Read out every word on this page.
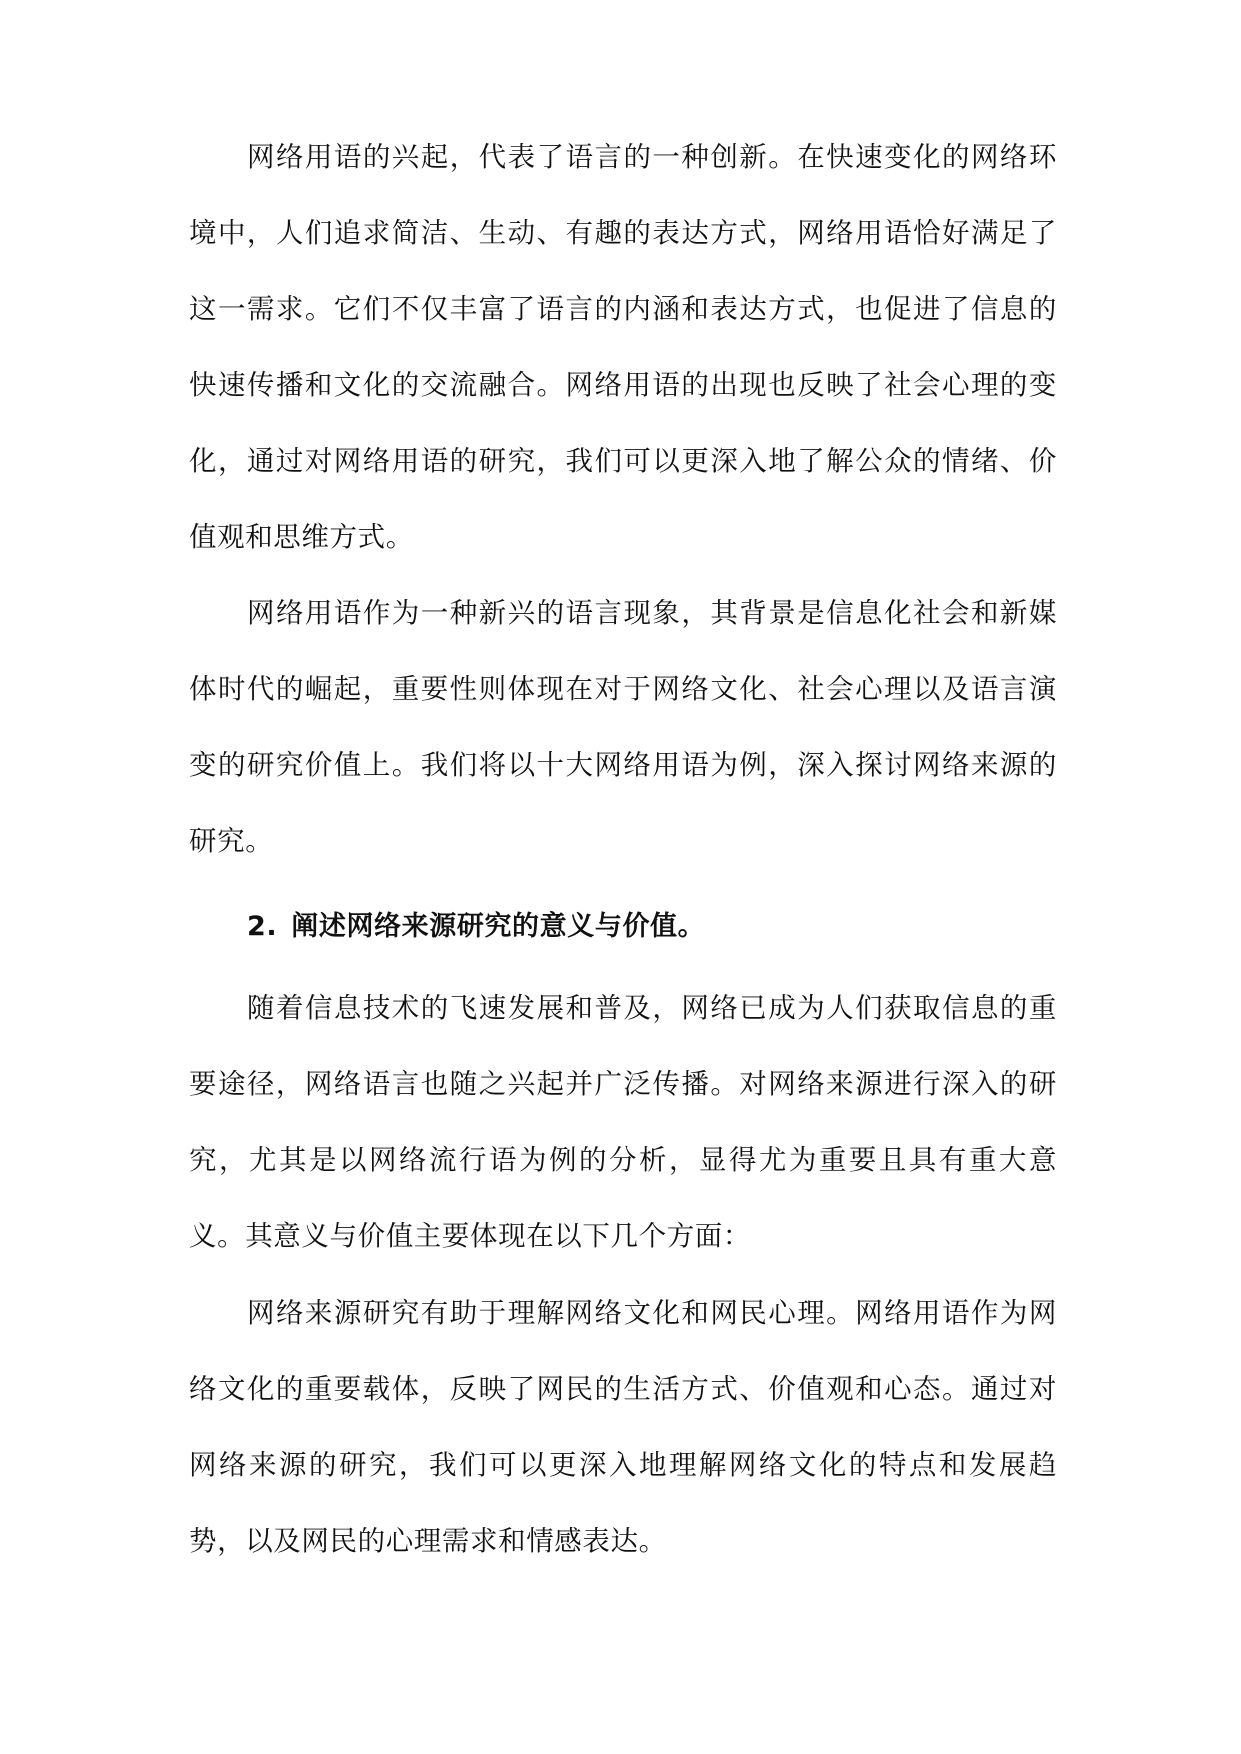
网络用语的兴起，代表了语言的一种创新。在快速变化的网络环境中，人们追求简洁、生动、有趣的表达方式，网络用语恰好满足了这一需求。它们不仅丰富了语言的内涵和表达方式，也促进了信息的快速传播和文化的交流融合。网络用语的出现也反映了社会心理的变化，通过对网络用语的研究，我们可以更深入地了解公众的情绪、价值观和思维方式。

网络用语作为一种新兴的语言现象，其背景是信息化社会和新媒体时代的崛起，重要性则体现在对于网络文化、社会心理以及语言演变的研究价值上。我们将以十大网络用语为例，深入探讨网络来源的研究。

2. 阐述网络来源研究的意义与价值。

随着信息技术的飞速发展和普及，网络已成为人们获取信息的重要途径，网络语言也随之兴起并广泛传播。对网络来源进行深入的研究，尤其是以网络流行语为例的分析，显得尤为重要且具有重大意义。其意义与价值主要体现在以下几个方面：

网络来源研究有助于理解网络文化和网民心理。网络用语作为网络文化的重要载体，反映了网民的生活方式、价值观和心态。通过对网络来源的研究，我们可以更深入地理解网络文化的特点和发展趋势，以及网民的心理需求和情感表达。
